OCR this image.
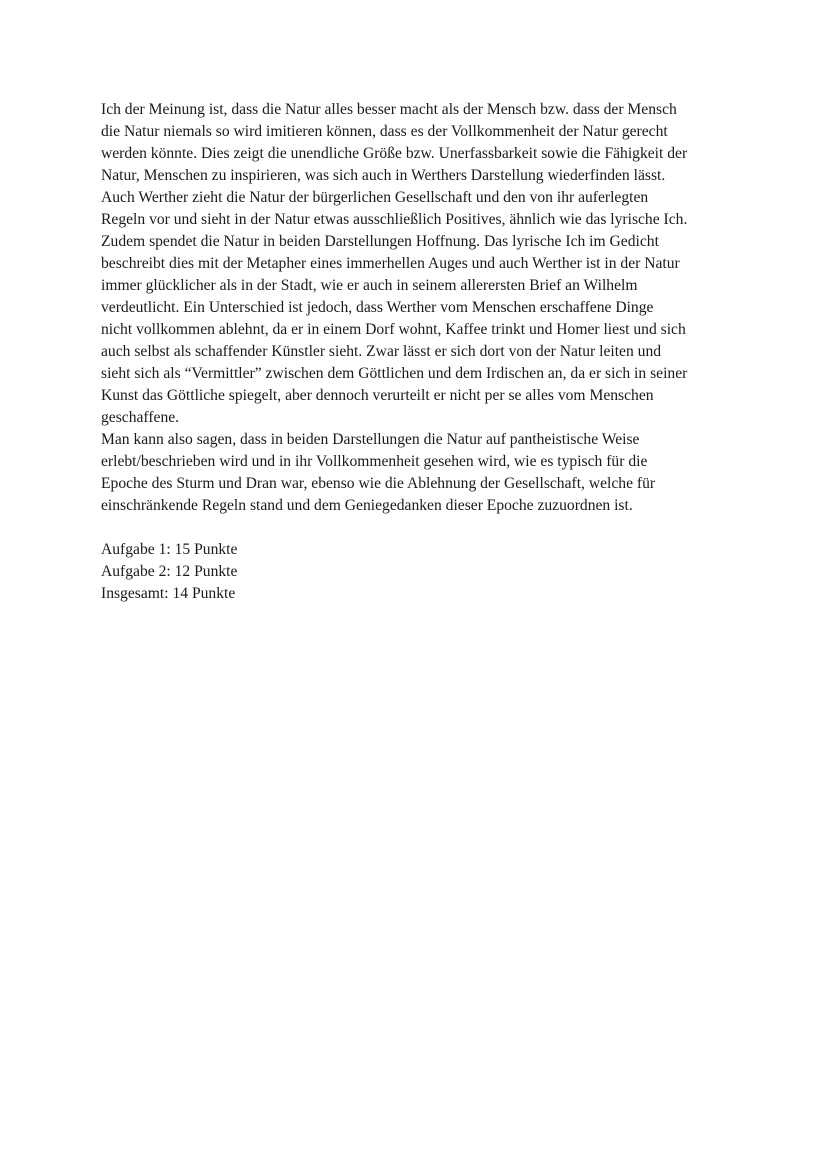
Ich der Meinung ist, dass die Natur alles besser macht als der Mensch bzw. dass der Mensch
die Natur niemals so wird imitieren können, dass es der Vollkommenheit der Natur gerecht
werden könnte. Dies zeigt die unendliche Größe bzw. Unerfassbarkeit sowie die Fähigkeit der
Natur, Menschen zu inspirieren, was sich auch in Werthers Darstellung wiederfinden lässt.
Auch Werther zieht die Natur der bürgerlichen Gesellschaft und den von ihr auferlegten
Regeln vor und sieht in der Natur etwas ausschließlich Positives, ähnlich wie das lyrische Ich.
Zudem spendet die Natur in beiden Darstellungen Hoffnung. Das lyrische Ich im Gedicht
beschreibt dies mit der Metapher eines immerhellen Auges und auch Werther ist in der Natur
immer glücklicher als in der Stadt, wie er auch in seinem allerersten Brief an Wilhelm
verdeutlicht. Ein Unterschied ist jedoch, dass Werther vom Menschen erschaffene Dinge
nicht vollkommen ablehnt, da er in einem Dorf wohnt, Kaffee trinkt und Homer liest und sich
auch selbst als schaffender Künstler sieht. Zwar lässt er sich dort von der Natur leiten und
sieht sich als “Vermittler” zwischen dem Göttlichen und dem Irdischen an, da er sich in seiner
Kunst das Göttliche spiegelt, aber dennoch verurteilt er nicht per se alles vom Menschen
geschaffene.
Man kann also sagen, dass in beiden Darstellungen die Natur auf pantheistische Weise
erlebt/beschrieben wird und in ihr Vollkommenheit gesehen wird, wie es typisch für die
Epoche des Sturm und Dran war, ebenso wie die Ablehnung der Gesellschaft, welche für
einschränkende Regeln stand und dem Geniegedanken dieser Epoche zuzuordnen ist.
Aufgabe 1: 15 Punkte
Aufgabe 2: 12 Punkte
Insgesamt: 14 Punkte
